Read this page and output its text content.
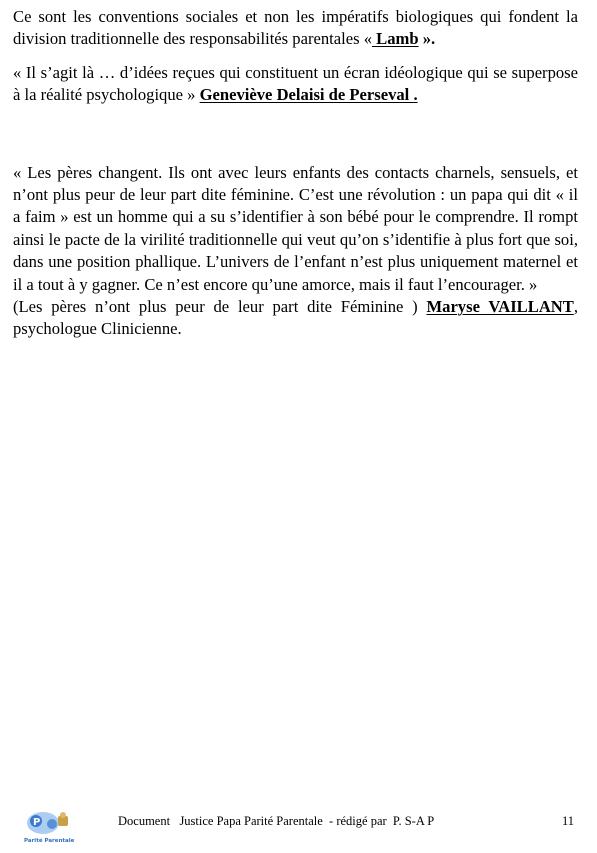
Ce sont les conventions sociales et non les impératifs biologiques qui fondent la division traditionnelle des responsabilités parentales « Lamb ».

« Il s’agit là … d’idées reçues qui constituent un écran idéologique qui se superpose à la réalité psychologique » Geneviève Delaisi de Perseval .

« Les pères changent. Ils ont avec leurs enfants des contacts charnels, sensuels, et n’ont plus peur de leur part dite féminine. C’est une révolution : un papa qui dit « il a faim » est un homme qui a su s’identifier à son bébé pour le comprendre. Il rompt ainsi le pacte de la virilité traditionnelle qui veut qu’on s’identifie à plus fort que soi, dans une position phallique. L’univers de l’enfant n’est plus uniquement maternel et il a tout à y gagner. Ce n’est encore qu’une amorce, mais il faut l’encourager. »
(Les pères n’ont plus peur de leur part dite Féminine ) Maryse VAILLANT, psychologue Clinicienne.

P
Parité Parentale
Document   Justice Papa Parité Parentale  - rédigé par  P. S-A P	11
